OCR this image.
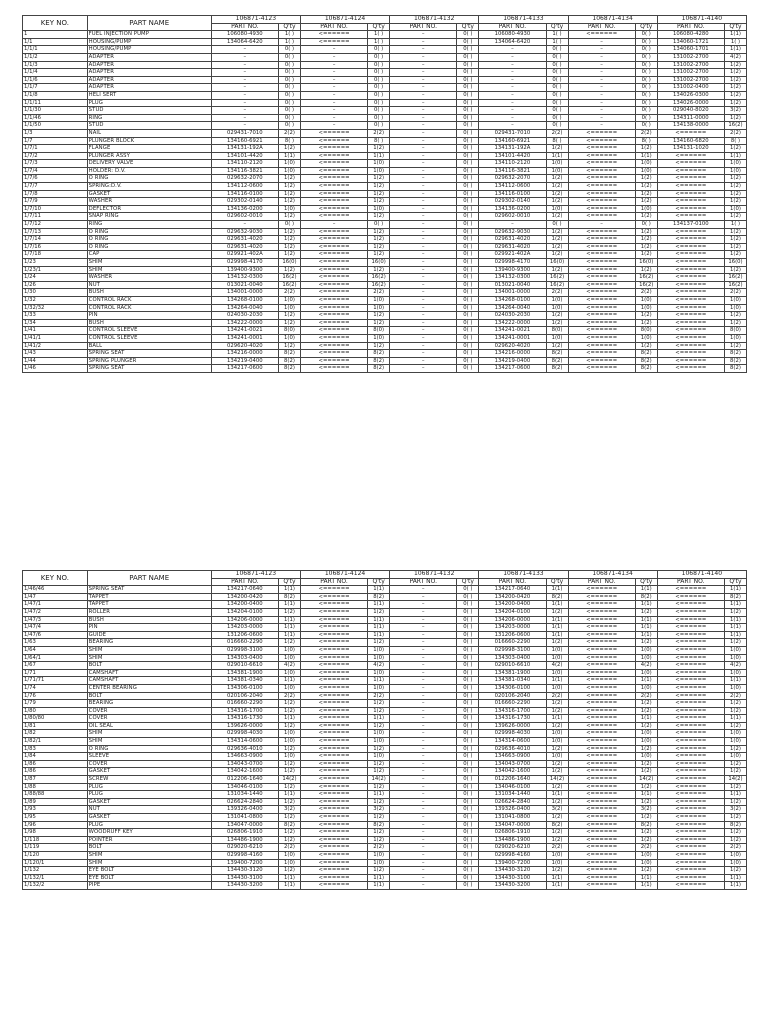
KEY NO.	PART NAME	106871-4123		106871-4124		106871-4132		106871-4133		106871-4134		106871-4140	
		PART NO.	Q'ty	PART NO.	Q'ty	PART NO.	Q'ty	PART NO.	Q'ty	PART NO.	Q'ty	PART NO.	Q'ty
1	FUEL INJECTION PUMP	106080-4930	1( )	<======	1( )	–	0( )	106080-4930	1( )	<======	0( )	106080-4280	1(1)
1/1	HOUSING/PUMP	134064-6420	1( )	<======	1( )	–	0( )	134064-6420	1( )	–	0( )	134060-1721	1( )
1/1/1	HOUSING/PUMP	–	0( )	–	0( )	–	0( )	–	0( )	–	0( )	134060-1701	1(1)
1/1/2	ADAPTER	–	0( )	–	0( )	–	0( )	–	0( )	–	0( )	131002-2700	4(2)
1/1/3	ADAPTER	–	0( )	–	0( )	–	0( )	–	0( )	–	0( )	131002-2700	1(2)
1/1/4	ADAPTER	–	0( )	–	0( )	–	0( )	–	0( )	–	0( )	131002-2700	1(2)
1/1/6	ADAPTER	–	0( )	–	0( )	–	0( )	–	0( )	–	0( )	131002-2700	1(2)
1/1/7	ADAPTER	–	0( )	–	0( )	–	0( )	–	0( )	–	0( )	131002-0400	1(2)
1/1/8	HELI SERT	–	0( )	–	0( )	–	0( )	–	0( )	–	0( )	134026-0300	1(2)
1/1/11	PLUG	–	0( )	–	0( )	–	0( )	–	0( )	–	0( )	134026-0000	1(2)
1/1/30	STUD	–	0( )	–	0( )	–	0( )	–	0( )	–	0( )	029040-8020	3(2)
1/1/46	RING	–	0( )	–	0( )	–	0( )	–	0( )	–	0( )	134311-0000	1(2)
1/1/50	STUD	–	0( )	–	0( )	–	0( )	–	0( )	–	0( )	134138-0000	16(2)
1/3	NAIL	029431-7010	2(2)	<======	2(2)	–	0( )	029431-7010	2(2)	<======	2(2)	<======	2(2)
1/7	PLUNGER BLOCK	134160-6921	8( )	<======	8( )	–	0( )	134160-6921	8( )	<======	8( )	134160-6820	8( )
1/7/1	FLANGE	134131-192A	1(2)	<======	1(2)	–	0( )	134131-192A	1(2)	<======	1(2)	134131-1020	1(2)
1/7/2	PLUNGER ASSY	134101-4420	1(1)	<======	1(1)	–	0( )	134101-4420	1(1)	<======	1(1)	<======	1(1)
1/7/3	DELIVERY VALVE	134110-2120	1(0)	<======	1(0)	–	0( )	134110-2120	1(0)	<======	1(0)	<======	1(0)
1/7/4	HOLDER: D.V.	134116-3821	1(0)	<======	1(0)	–	0( )	134116-3821	1(0)	<======	1(0)	<======	1(0)
1/7/6	O RING	029632-2070	1(2)	<======	1(2)	–	0( )	029632-2070	1(2)	<======	1(2)	<======	1(2)
1/7/7	SPRING:D.V.	134112-0600	1(2)	<======	1(2)	–	0( )	134112-0600	1(2)	<======	1(2)	<======	1(2)
1/7/8	GASKET	134116-0100	1(2)	<======	1(2)	–	0( )	134116-0100	1(2)	<======	1(2)	<======	1(2)
1/7/9	WASHER	029302-0140	1(2)	<======	1(2)	–	0( )	029302-0140	1(2)	<======	1(2)	<======	1(2)
1/7/10	DEFLECTOR	134136-0200	1(0)	<======	1(0)	–	0( )	134136-0200	1(0)	<======	1(0)	<======	1(0)
1/7/11	SNAP RING	029602-0010	1(2)	<======	1(2)	–	0( )	029602-0010	1(2)	<======	1(2)	<======	1(2)
1/7/12	RING	–	0( )	–	0( )	–	0( )	–	0( )	–	0( )	134137-0100	1( )
1/7/13	O RING	029632-9030	1(2)	<======	1(2)	–	0( )	029632-9030	1(2)	<======	1(2)	<======	1(2)
1/7/14	O RING	029631-4020	1(2)	<======	1(2)	–	0( )	029631-4020	1(2)	<======	1(2)	<======	1(2)
1/7/16	O RING	029631-4020	1(2)	<======	1(2)	–	0( )	029631-4020	1(2)	<======	1(2)	<======	1(2)
1/7/18	CAP	029921-402A	1(2)	<======	1(2)	–	0( )	029921-402A	1(2)	<======	1(2)	<======	1(2)
1/23	SHIM	029998-4170	16(0)	<======	16(0)	–	0( )	029998-4170	16(0)	<======	16(0)	<======	16(0)
1/23/1	SHIM	139400-9300	1(2)	<======	1(2)	–	0( )	139400-9300	1(2)	<======	1(2)	<======	1(2)
1/24	WASHER	134132-0300	16(2)	<======	16(2)	–	0( )	134132-0300	16(2)	<======	16(2)	<======	16(2)
1/26	NUT	013021-0040	16(2)	<======	16(2)	–	0( )	013021-0040	16(2)	<======	16(2)	<======	16(2)
1/30	BUSH	134001-0000	2(2)	<======	2(2)	–	0( )	134001-0000	2(2)	<======	2(2)	<======	2(2)
1/32	CONTROL RACK	134268-0100	1(0)	<======	1(0)	–	0( )	134268-0100	1(0)	<======	1(0)	<======	1(0)
1/32/32	CONTROL RACK	134264-0040	1(0)	<======	1(0)	–	0( )	134264-0040	1(0)	<======	1(0)	<======	1(0)
1/33	PIN	024030-2030	1(2)	<======	1(2)	–	0( )	024030-2030	1(2)	<======	1(2)	<======	1(2)
1/34	BUSH	134222-0000	1(2)	<======	1(2)	–	0( )	134222-0000	1(2)	<======	1(2)	<======	1(2)
1/41	CONTROL SLEEVE	134241-0021	8(0)	<======	8(0)	–	0( )	134241-0021	8(0)	<======	8(0)	<======	8(0)
1/41/1	CONTROL SLEEVE	134241-0001	1(0)	<======	1(0)	–	0( )	134241-0001	1(0)	<======	1(0)	<======	1(0)
1/41/2	BALL	029620-4020	1(2)	<======	1(2)	–	0( )	029620-4020	1(2)	<======	1(2)	<======	1(2)
1/43	SPRING SEAT	134216-0000	8(2)	<======	8(2)	–	0( )	134216-0000	8(2)	<======	8(2)	<======	8(2)
1/44	SPRING PLUNGER	134219-0400	8(2)	<======	8(2)	–	0( )	134219-0400	8(2)	<======	8(2)	<======	8(2)
1/46	SPRING SEAT	134217-0600	8(2)	<======	8(2)	–	0( )	134217-0600	8(2)	<======	8(2)	<======	8(2)
KEY NO.	PART NAME	106871-4123		106871-4124		106871-4132		106871-4133		106871-4134		106871-4140	
		PART NO.	Q'ty	PART NO.	Q'ty	PART NO.	Q'ty	PART NO.	Q'ty	PART NO.	Q'ty	PART NO.	Q'ty
1/46/46	SPRING SEAT	134217-0640	1(1)	<======	1(1)	–	0( )	134217-0640	1(1)	<======	1(1)	<======	1(1)
1/47	TAPPET	134200-0420	8(2)	<======	8(2)	–	0( )	134200-0420	8(2)	<======	8(2)	<======	8(2)
1/47/1	TAPPET	134200-0400	1(1)	<======	1(1)	–	0( )	134200-0400	1(1)	<======	1(1)	<======	1(1)
1/47/2	ROLLER	134204-0100	1(2)	<======	1(2)	–	0( )	134204-0100	1(2)	<======	1(2)	<======	1(2)
1/47/3	BUSH	134206-0000	1(1)	<======	1(1)	–	0( )	134206-0000	1(1)	<======	1(1)	<======	1(1)
1/47/4	PIN	134203-0000	1(1)	<======	1(1)	–	0( )	134203-0000	1(1)	<======	1(1)	<======	1(1)
1/47/6	GUIDE	131206-0600	1(1)	<======	1(1)	–	0( )	131206-0600	1(1)	<======	1(1)	<======	1(1)
1/63	BEARING	016660-2290	1(2)	<======	1(2)	–	0( )	016660-2290	1(2)	<======	1(2)	<======	1(2)
1/64	SHIM	029998-3100	1(0)	<======	1(0)	–	0( )	029998-3100	1(0)	<======	1(0)	<======	1(0)
1/64/1	SHIM	134303-0400	1(0)	<======	1(0)	–	0( )	134303-0400	1(0)	<======	1(0)	<======	1(0)
1/67	BOLT	029010-6610	4(2)	<======	4(2)	–	0( )	029010-6610	4(2)	<======	4(2)	<======	4(2)
1/71	CAMSHAFT	134381-1900	1(0)	<======	1(0)	–	0( )	134381-1900	1(0)	<======	1(0)	<======	1(0)
1/71/71	CAMSHAFT	134381-0340	1(1)	<======	1(1)	–	0( )	134381-0340	1(1)	<======	1(1)	<======	1(1)
1/74	CENTER BEARING	134306-0100	1(0)	<======	1(0)	–	0( )	134306-0100	1(0)	<======	1(0)	<======	1(0)
1/76	BOLT	020106-2040	2(2)	<======	2(2)	–	0( )	020106-2040	2(2)	<======	2(2)	<======	2(2)
1/79	BEARING	016660-2290	1(2)	<======	1(2)	–	0( )	016660-2290	1(2)	<======	1(2)	<======	1(2)
1/80	COVER	134316-1700	1(2)	<======	1(2)	–	0( )	134316-1700	1(2)	<======	1(2)	<======	1(2)
1/80/80	COVER	134316-1730	1(1)	<======	1(1)	–	0( )	134316-1730	1(1)	<======	1(1)	<======	1(1)
1/81	OIL SEAL	139626-0000	1(2)	<======	1(2)	–	0( )	139626-0000	1(2)	<======	1(2)	<======	1(2)
1/82	SHIM	029998-4030	1(0)	<======	1(0)	–	0( )	029998-4030	1(0)	<======	1(0)	<======	1(0)
1/82/1	SHIM	134314-0600	1(0)	<======	1(0)	–	0( )	134314-0600	1(0)	<======	1(0)	<======	1(0)
1/83	O RING	029636-4010	1(2)	<======	1(2)	–	0( )	029636-4010	1(2)	<======	1(2)	<======	1(2)
1/84	SLEEVE	134663-0900	1(0)	<======	1(0)	–	0( )	134663-0900	1(0)	<======	1(0)	<======	1(0)
1/86	COVER	134043-0700	1(2)	<======	1(2)	–	0( )	134043-0700	1(2)	<======	1(2)	<======	1(2)
1/86	GASKET	134042-1600	1(2)	<======	1(2)	–	0( )	134042-1600	1(2)	<======	1(2)	<======	1(2)
1/87	SCREW	012206-1640	14(2)	<======	14(2)	–	0( )	012206-1640	14(2)	<======	14(2)	<======	14(2)
1/88	PLUG	134046-0100	1(2)	<======	1(2)	–	0( )	134046-0100	1(2)	<======	1(2)	<======	1(2)
1/88/88	PLUG	131034-1440	1(1)	<======	1(1)	–	0( )	131034-1440	1(1)	<======	1(1)	<======	1(1)
1/89	GASKET	026624-2840	1(2)	<======	1(2)	–	0( )	026624-2840	1(2)	<======	1(2)	<======	1(2)
1/93	NUT	139326-0400	3(2)	<======	3(2)	–	0( )	139326-0400	3(2)	<======	3(2)	<======	3(2)
1/95	GASKET	131041-0800	1(2)	<======	1(2)	–	0( )	131041-0800	1(2)	<======	1(2)	<======	1(2)
1/96	PLUG	134047-0000	8(2)	<======	8(2)	–	0( )	134047-0000	8(2)	<======	8(2)	<======	8(2)
1/98	WOODRUFF KEY	026806-1910	1(2)	<======	1(2)	–	0( )	026806-1910	1(2)	<======	1(2)	<======	1(2)
1/118	POINTER	134486-1900	1(2)	<======	1(2)	–	0( )	134486-1900	1(2)	<======	1(2)	<======	1(2)
1/119	BOLT	029020-6210	2(2)	<======	2(2)	–	0( )	029020-6210	2(2)	<======	2(2)	<======	2(2)
1/120	SHIM	029998-4160	1(0)	<======	1(0)	–	0( )	029998-4160	1(0)	<======	1(0)	<======	1(0)
1/120/1	SHIM	139400-7200	1(0)	<======	1(0)	–	0( )	139400-7200	1(0)	<======	1(0)	<======	1(0)
1/132	EYE BOLT	134430-3120	1(2)	<======	1(2)	–	0( )	134430-3120	1(2)	<======	1(2)	<======	1(2)
1/132/1	EYE BOLT	134430-3100	1(1)	<======	1(1)	–	0( )	134430-3100	1(1)	<======	1(1)	<======	1(1)
1/132/2	PIPE	134430-3200	1(1)	<======	1(1)	–	0( )	134430-3200	1(1)	<======	1(1)	<======	1(1)
